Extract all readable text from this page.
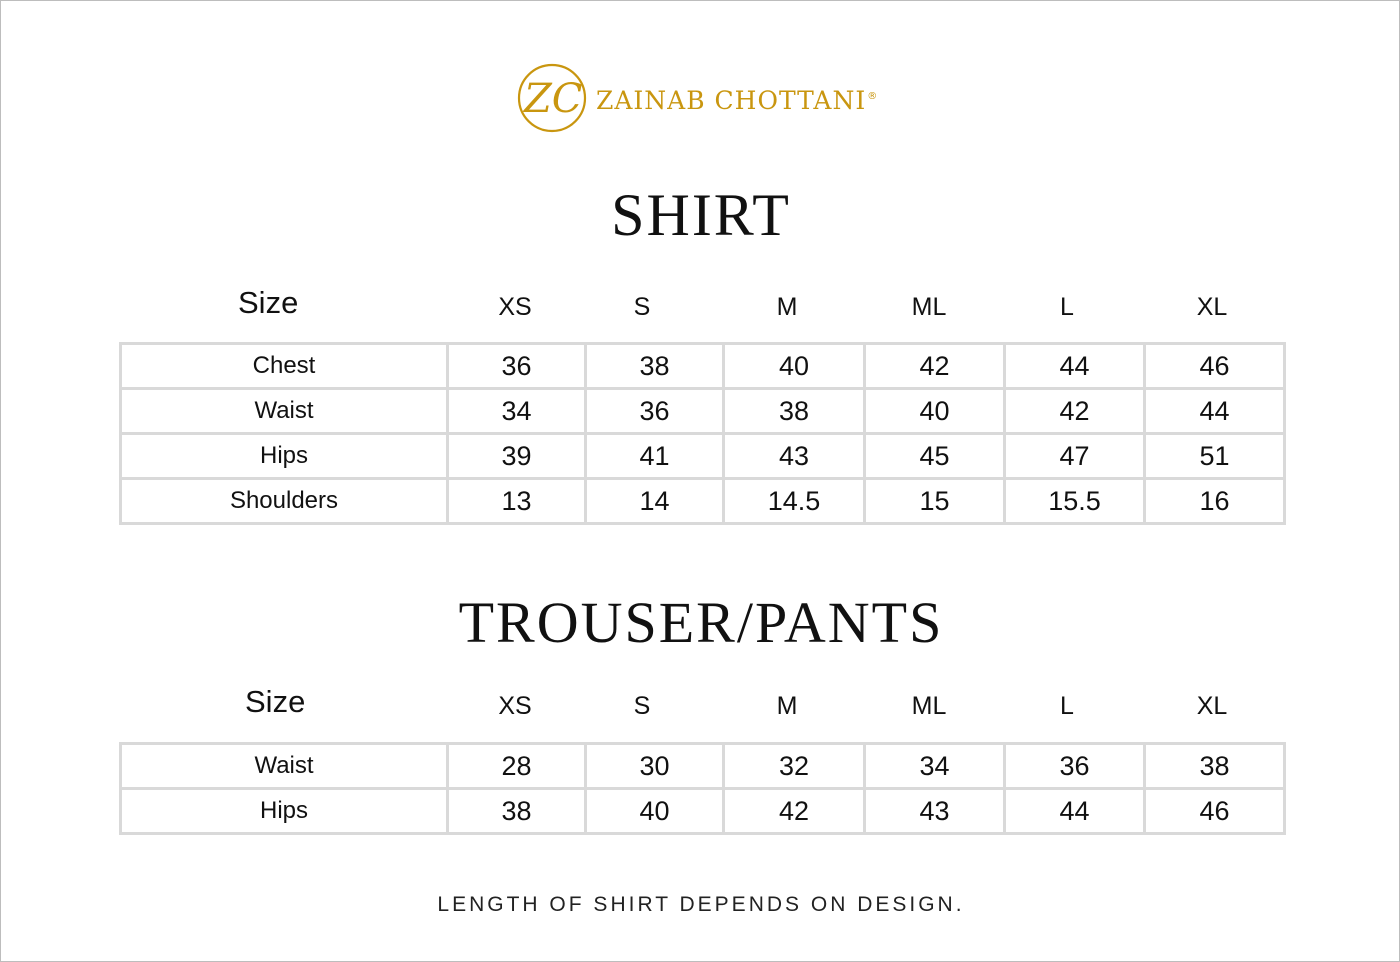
ZC ZAINAB CHOTTANI®
SHIRT
Size	XS	S	M	ML	L	XL
Chest	36	38	40	42	44	46
Waist	34	36	38	40	42	44
Hips	39	41	43	45	47	51
Shoulders	13	14	14.5	15	15.5	16
TROUSER/PANTS
Size	XS	S	M	ML	L	XL
Waist	28	30	32	34	36	38
Hips	38	40	42	43	44	46
LENGTH OF SHIRT DEPENDS ON DESIGN.
